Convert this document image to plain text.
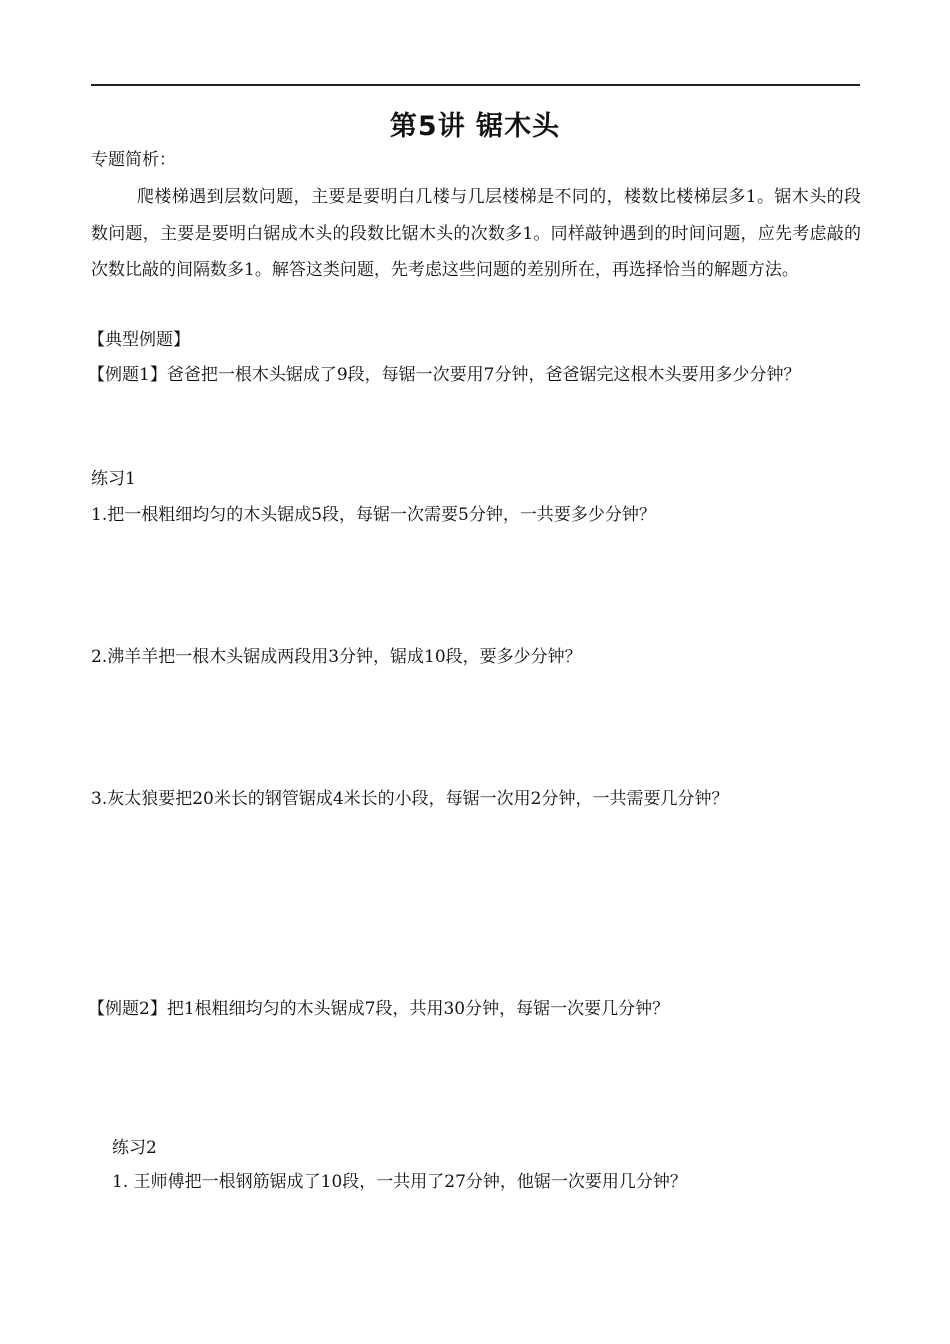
第5讲 锯木头
专题简析：
爬楼梯遇到层数问题，主要是要明白几楼与几层楼梯是不同的，楼数比楼梯层多1。锯木头的段数问题，主要是要明白锯成木头的段数比锯木头的次数多1。同样敲钟遇到的时间问题，应先考虑敲的次数比敲的间隔数多1。解答这类问题，先考虑这些问题的差别所在，再选择恰当的解题方法。
【典型例题】
【例题1】爸爸把一根木头锯成了9段，每锯一次要用7分钟，爸爸锯完这根木头要用多少分钟？
练习1
1.把一根粗细均匀的木头锯成5段，每锯一次需要5分钟，一共要多少分钟？
2.沸羊羊把一根木头锯成两段用3分钟，锯成10段，要多少分钟？
3.灰太狼要把20米长的钢管锯成4米长的小段，每锯一次用2分钟，一共需要几分钟？
【例题2】把1根粗细均匀的木头锯成7段，共用30分钟，每锯一次要几分钟？
练习2
1. 王师傅把一根钢筋锯成了10段，一共用了27分钟，他锯一次要用几分钟？
